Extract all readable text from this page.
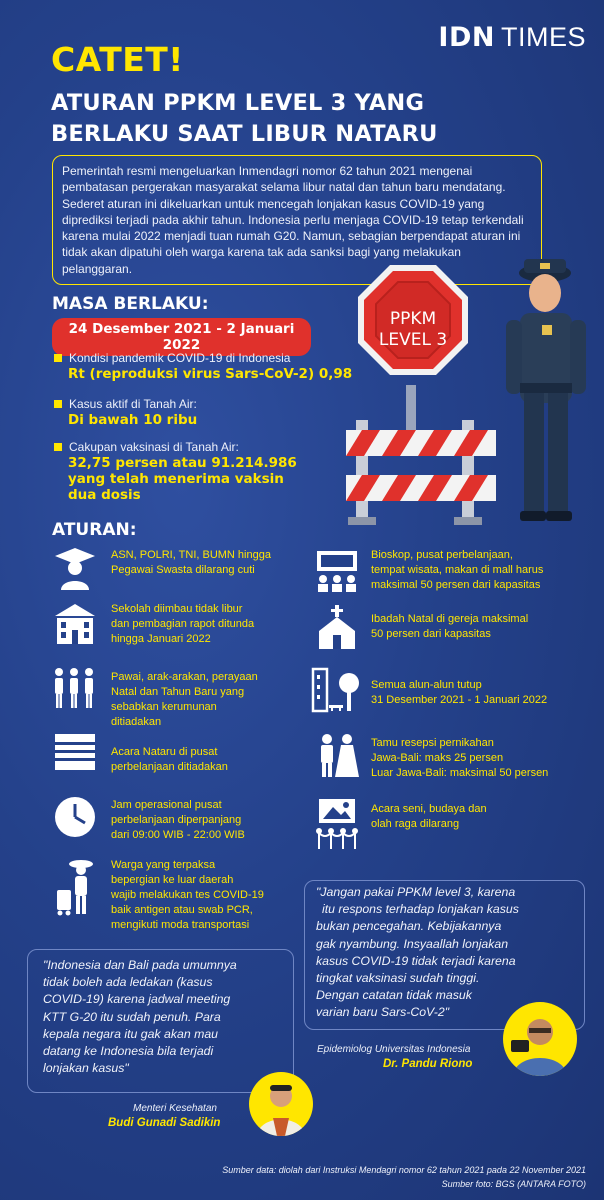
IDN TIMES
CATET!
ATURAN PPKM LEVEL 3 YANG
BERLAKU SAAT LIBUR NATARU
Pemerintah resmi mengeluarkan Inmendagri nomor 62 tahun 2021 mengenai pembatasan pergerakan masyarakat selama libur natal dan tahun baru mendatang. Sederet aturan ini dikeluarkan untuk mencegah lonjakan kasus COVID-19 yang diprediksi terjadi pada akhir tahun. Indonesia perlu menjaga COVID-19 tetap terkendali karena mulai 2022 menjadi tuan rumah G20. Namun, sebagian berpendapat aturan ini tidak akan dipatuhi oleh warga karena tak ada sanksi bagi yang melakukan pelanggaran.
MASA BERLAKU:
24 Desember 2021 - 2 Januari 2022
Kondisi pandemik COVID-19 di Indonesia
Rt (reproduksi virus Sars-CoV-2) 0,98
Kasus aktif di Tanah Air:
Di bawah 10 ribu
Cakupan vaksinasi di Tanah Air:
32,75 persen atau 91.214.986
yang telah menerima vaksin
dua dosis
PPKM
LEVEL 3
ATURAN:
ASN, POLRI, TNI, BUMN hingga
Pegawai Swasta dilarang cuti
Sekolah diimbau tidak libur
dan pembagian rapot ditunda
hingga Januari 2022
Pawai, arak-arakan, perayaan
Natal dan Tahun Baru yang
sebabkan kerumunan
ditiadakan
Acara Nataru di pusat
perbelanjaan ditiadakan
Jam operasional pusat
perbelanjaan diperpanjang
dari 09:00 WIB - 22:00 WIB
Warga yang terpaksa
bepergian ke luar daerah
wajib melakukan tes COVID-19
baik antigen atau swab PCR,
mengikuti moda transportasi
Bioskop, pusat perbelanjaan,
tempat wisata, makan di mall harus
maksimal 50 persen dari kapasitas
Ibadah Natal di gereja maksimal
50 persen dari kapasitas
Semua alun-alun tutup
31 Desember 2021 - 1 Januari 2022
Tamu resepsi pernikahan
Jawa-Bali: maks 25 persen
Luar Jawa-Bali: maksimal 50 persen
Acara seni, budaya dan
olah raga dilarang
"Jangan pakai PPKM level 3, karena
itu respons terhadap lonjakan kasus
bukan pencegahan. Kebijakannya
gak nyambung. Insyaallah lonjakan
kasus COVID-19 tidak terjadi karena
tingkat vaksinasi sudah tinggi.
Dengan catatan tidak masuk
varian baru Sars-CoV-2"
Epidemiolog Universitas Indonesia
Dr. Pandu Riono
"Indonesia dan Bali pada umumnya
tidak boleh ada ledakan (kasus
COVID-19) karena jadwal meeting
KTT G-20 itu sudah penuh. Para
kepala negara itu gak akan mau
datang ke Indonesia bila terjadi
lonjakan kasus"
Menteri Kesehatan
Budi Gunadi Sadikin
Sumber data: diolah dari Instruksi Mendagri nomor 62 tahun 2021 pada 22 November 2021
Sumber foto: BGS (ANTARA FOTO)
